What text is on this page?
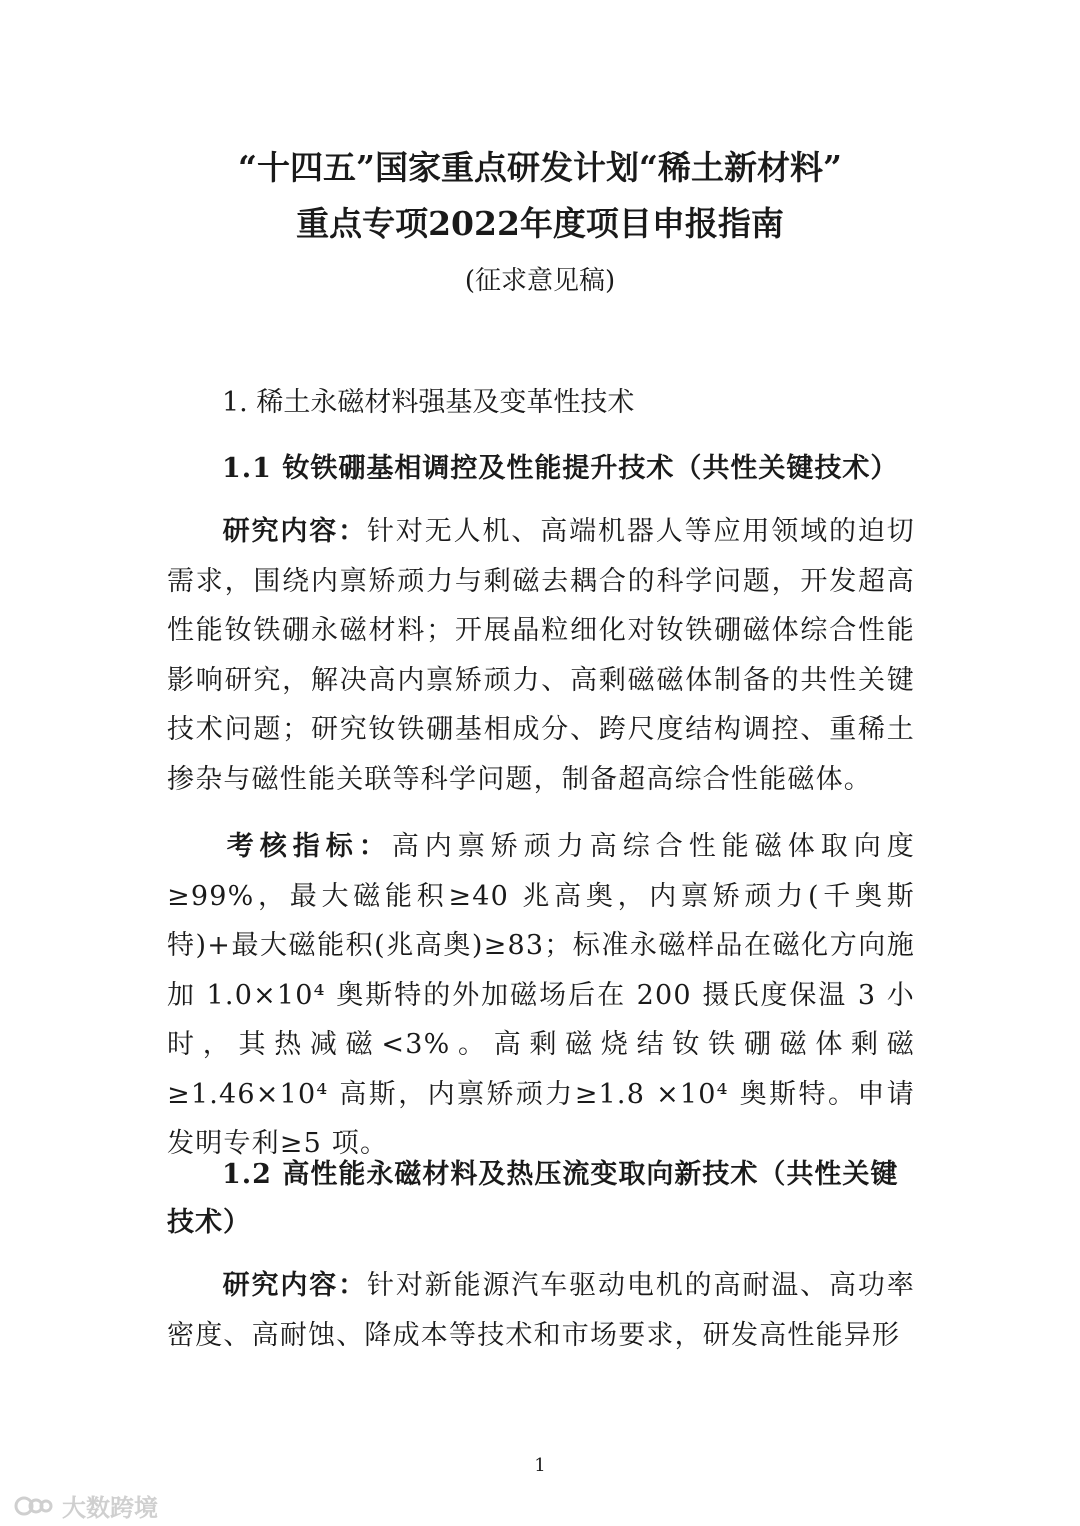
“十四五”国家重点研发计划“稀土新材料”
重点专项2022年度项目申报指南
(征求意见稿)
1. 稀土永磁材料强基及变革性技术
1.1 钕铁硼基相调控及性能提升技术（共性关键技术）
研究内容：针对无人机、高端机器人等应用领域的迫切需求，围绕内禀矫顽力与剩磁去耦合的科学问题，开发超高性能钕铁硼永磁材料；开展晶粒细化对钕铁硼磁体综合性能影响研究，解决高内禀矫顽力、高剩磁磁体制备的共性关键技术问题；研究钕铁硼基相成分、跨尺度结构调控、重稀土掺杂与磁性能关联等科学问题，制备超高综合性能磁体。
考核指标：高内禀矫顽力高综合性能磁体取向度≥99%，最大磁能积≥40 兆高奥，内禀矫顽力(千奥斯特)+最大磁能积(兆高奥)≥83；标准永磁样品在磁化方向施加 1.0×10⁴ 奥斯特的外加磁场后在 200 摄氏度保温 3 小时，其热减磁<3%。高剩磁烧结钕铁硼磁体剩磁≥1.46×10⁴ 高斯，内禀矫顽力≥1.8 ×10⁴ 奥斯特。申请发明专利≥5 项。
1.2 高性能永磁材料及热压流变取向新技术（共性关键
技术）
研究内容：针对新能源汽车驱动电机的高耐温、高功率密度、高耐蚀、降成本等技术和市场要求，研发高性能异形
1
大数跨境
